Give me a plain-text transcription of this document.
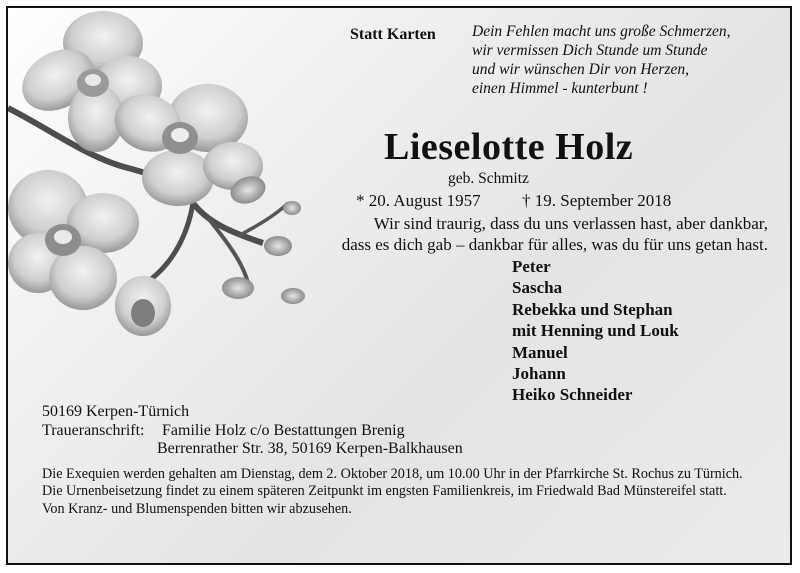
Statt Karten Dein Fehlen macht uns große Schmerzen,
wir vermissen Dich Stunde um Stunde
und wir wünschen Dir von Herzen,
einen Himmel - kunterbunt !
Lieselotte Holz
geb. Schmitz
* 20. August 1957 † 19. September 2018
Wir sind traurig, dass du uns verlassen hast, aber dankbar,
dass es dich gab – dankbar für alles, was du für uns getan hast.
Peter
Sascha
Rebekka und Stephan
mit Henning und Louk
Manuel
Johann
Heiko Schneider
50169 Kerpen-Türnich
Traueranschrift: Familie Holz c/o Bestattungen Brenig
Berrenrather Str. 38, 50169 Kerpen-Balkhausen

Die Exequien werden gehalten am Dienstag, dem 2. Oktober 2018, um 10.00 Uhr in der Pfarrkirche St. Rochus zu Türnich.

Die Urnenbeisetzung findet zu einem späteren Zeitpunkt im engsten Familienkreis, im Friedwald Bad Münstereifel statt.

Von Kranz- und Blumenspenden bitten wir abzusehen.
